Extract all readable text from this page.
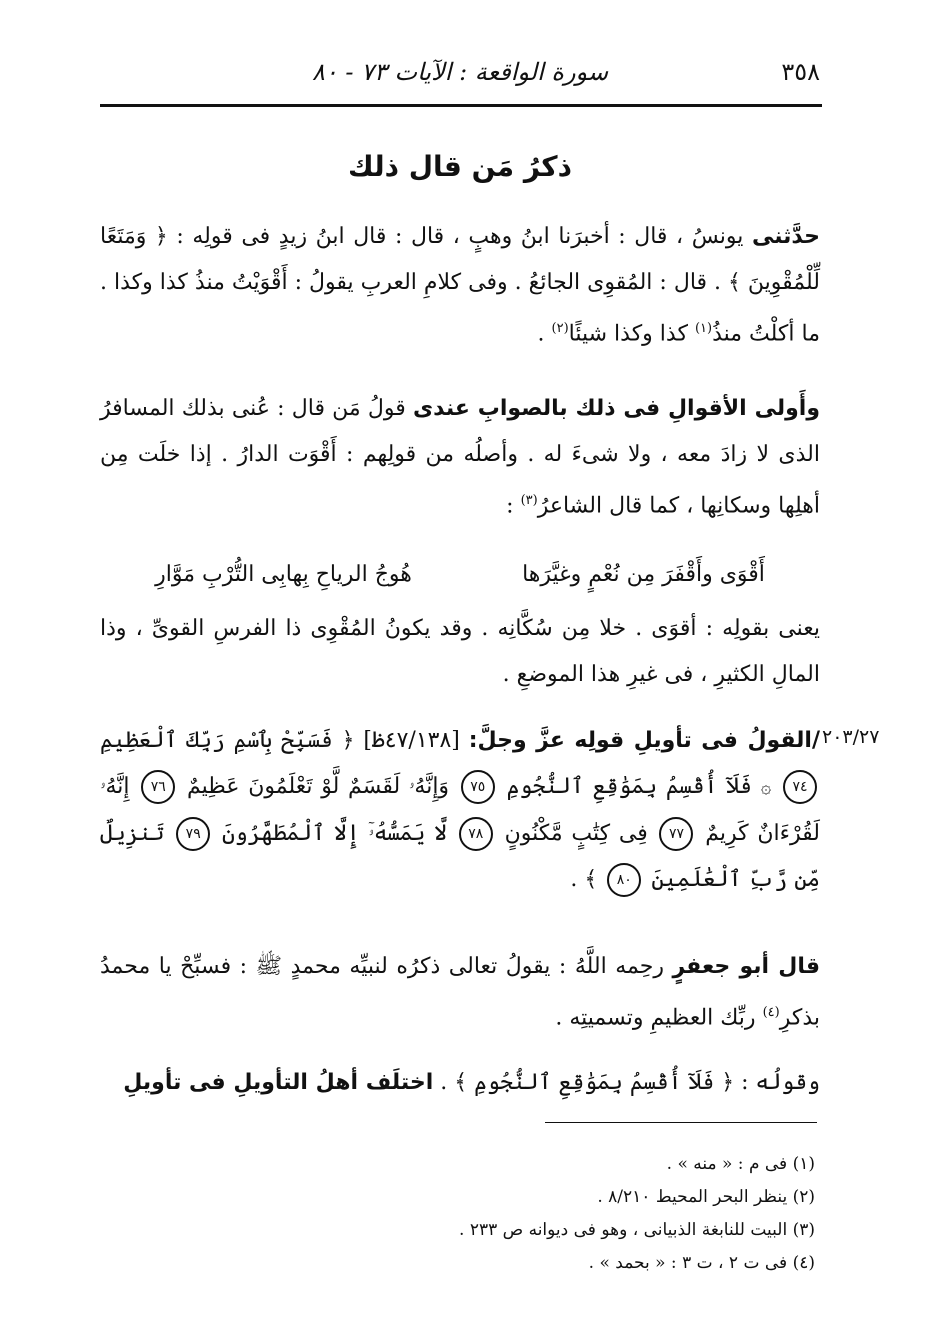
٣٥٨
سورة الواقعة : الآيات ٧٣ - ٨٠
ذكرُ مَن قال ذلك

حدَّثنى يونسُ ، قال : أخبرَنا ابنُ وهبٍ ، قال : قال ابنُ زيدٍ فى قولِه : ﴿ وَمَتَعًا لِّلْمُقْوِينَ ﴾ . قال : المُقوِى الجائعُ . وفى كلامِ العربِ يقولُ : أَقْوَيْتُ منذُ كذا وكذا . ما أكلْتُ منذُ$^{(١)}$ كذا وكذا شيئًا$^{(٢)}$ .

وأَولى الأقوالِ فى ذلك بالصوابِ عندى قولُ مَن قال : عُنى بذلك المسافرُ الذى لا زادَ معه ، ولا شىءَ له . وأصلُه من قولِهم : أَقْوَت الدارُ . إذا خلَت مِن أهلِها وسكانِها ، كما قال الشاعرُ$^{(٣)}$ :

أَقْوَى وأَقْفَرَ مِن نُعْمٍ وغيَّرَها
هُوجُ الرياحِ بِهابِى التُّرْبِ مَوَّارِ

يعنى بقولِه : أقوَى . خلا مِن سُكَّانِه . وقد يكونُ المُقْوِى ذا الفرسِ القوىِّ ، وذا المالِ الكثيرِ ، فى غيرِ هذا الموضعِ .

٢٠٣/٢٧

/القولُ فى تأويلِ قولِه عزَّ وجلَّ: [٤٧/١٣٨ظ] ﴿ فَسَبِّحْ بِٱسْمِ رَبِّكَ ٱلْعَظِيمِ ٧٤ ۞ فَلَآ أُقْسِمُ بِمَوَٰقِعِ ٱلنُّجُومِ ٧٥ وَإِنَّهُۥ لَقَسَمٌ لَّوْ تَعْلَمُونَ عَظِيمٌ ٧٦ إِنَّهُۥ لَقُرْءَانٌ كَرِيمٌ ٧٧ فِى كِتَٰبٍ مَّكْنُونٍ ٧٨ لَّا يَمَسُّهُۥٓ إِلَّا ٱلْمُطَهَّرُونَ ٧٩ تَنزِيلٌ مِّن رَّبِّ ٱلْعَٰلَمِينَ ٨٠ ﴾ .

قال أبو جعفرٍ رحِمه اللَّهُ : يقولُ تعالى ذكرُه لنبيِّه محمدٍ ﷺ : فسبِّحْ يا محمدُ بذكرِ$^{(٤)}$ ربِّك العظيمِ وتسميتِه .

وقولُه : ﴿ فَلَآ أُقْسِمُ بِمَوَٰقِعِ ٱلنُّجُومِ ﴾ . اختلَف أهلُ التأويلِ فى تأويلِ

(١) فى م : « منه » .
(٢) ينظر البحر المحيط ٨/٢١٠ .
(٣) البيت للنابغة الذبيانى ، وهو فى ديوانه ص ٢٣٣ .
(٤) فى ت ٢ ، ت ٣ : « بحمد » .
